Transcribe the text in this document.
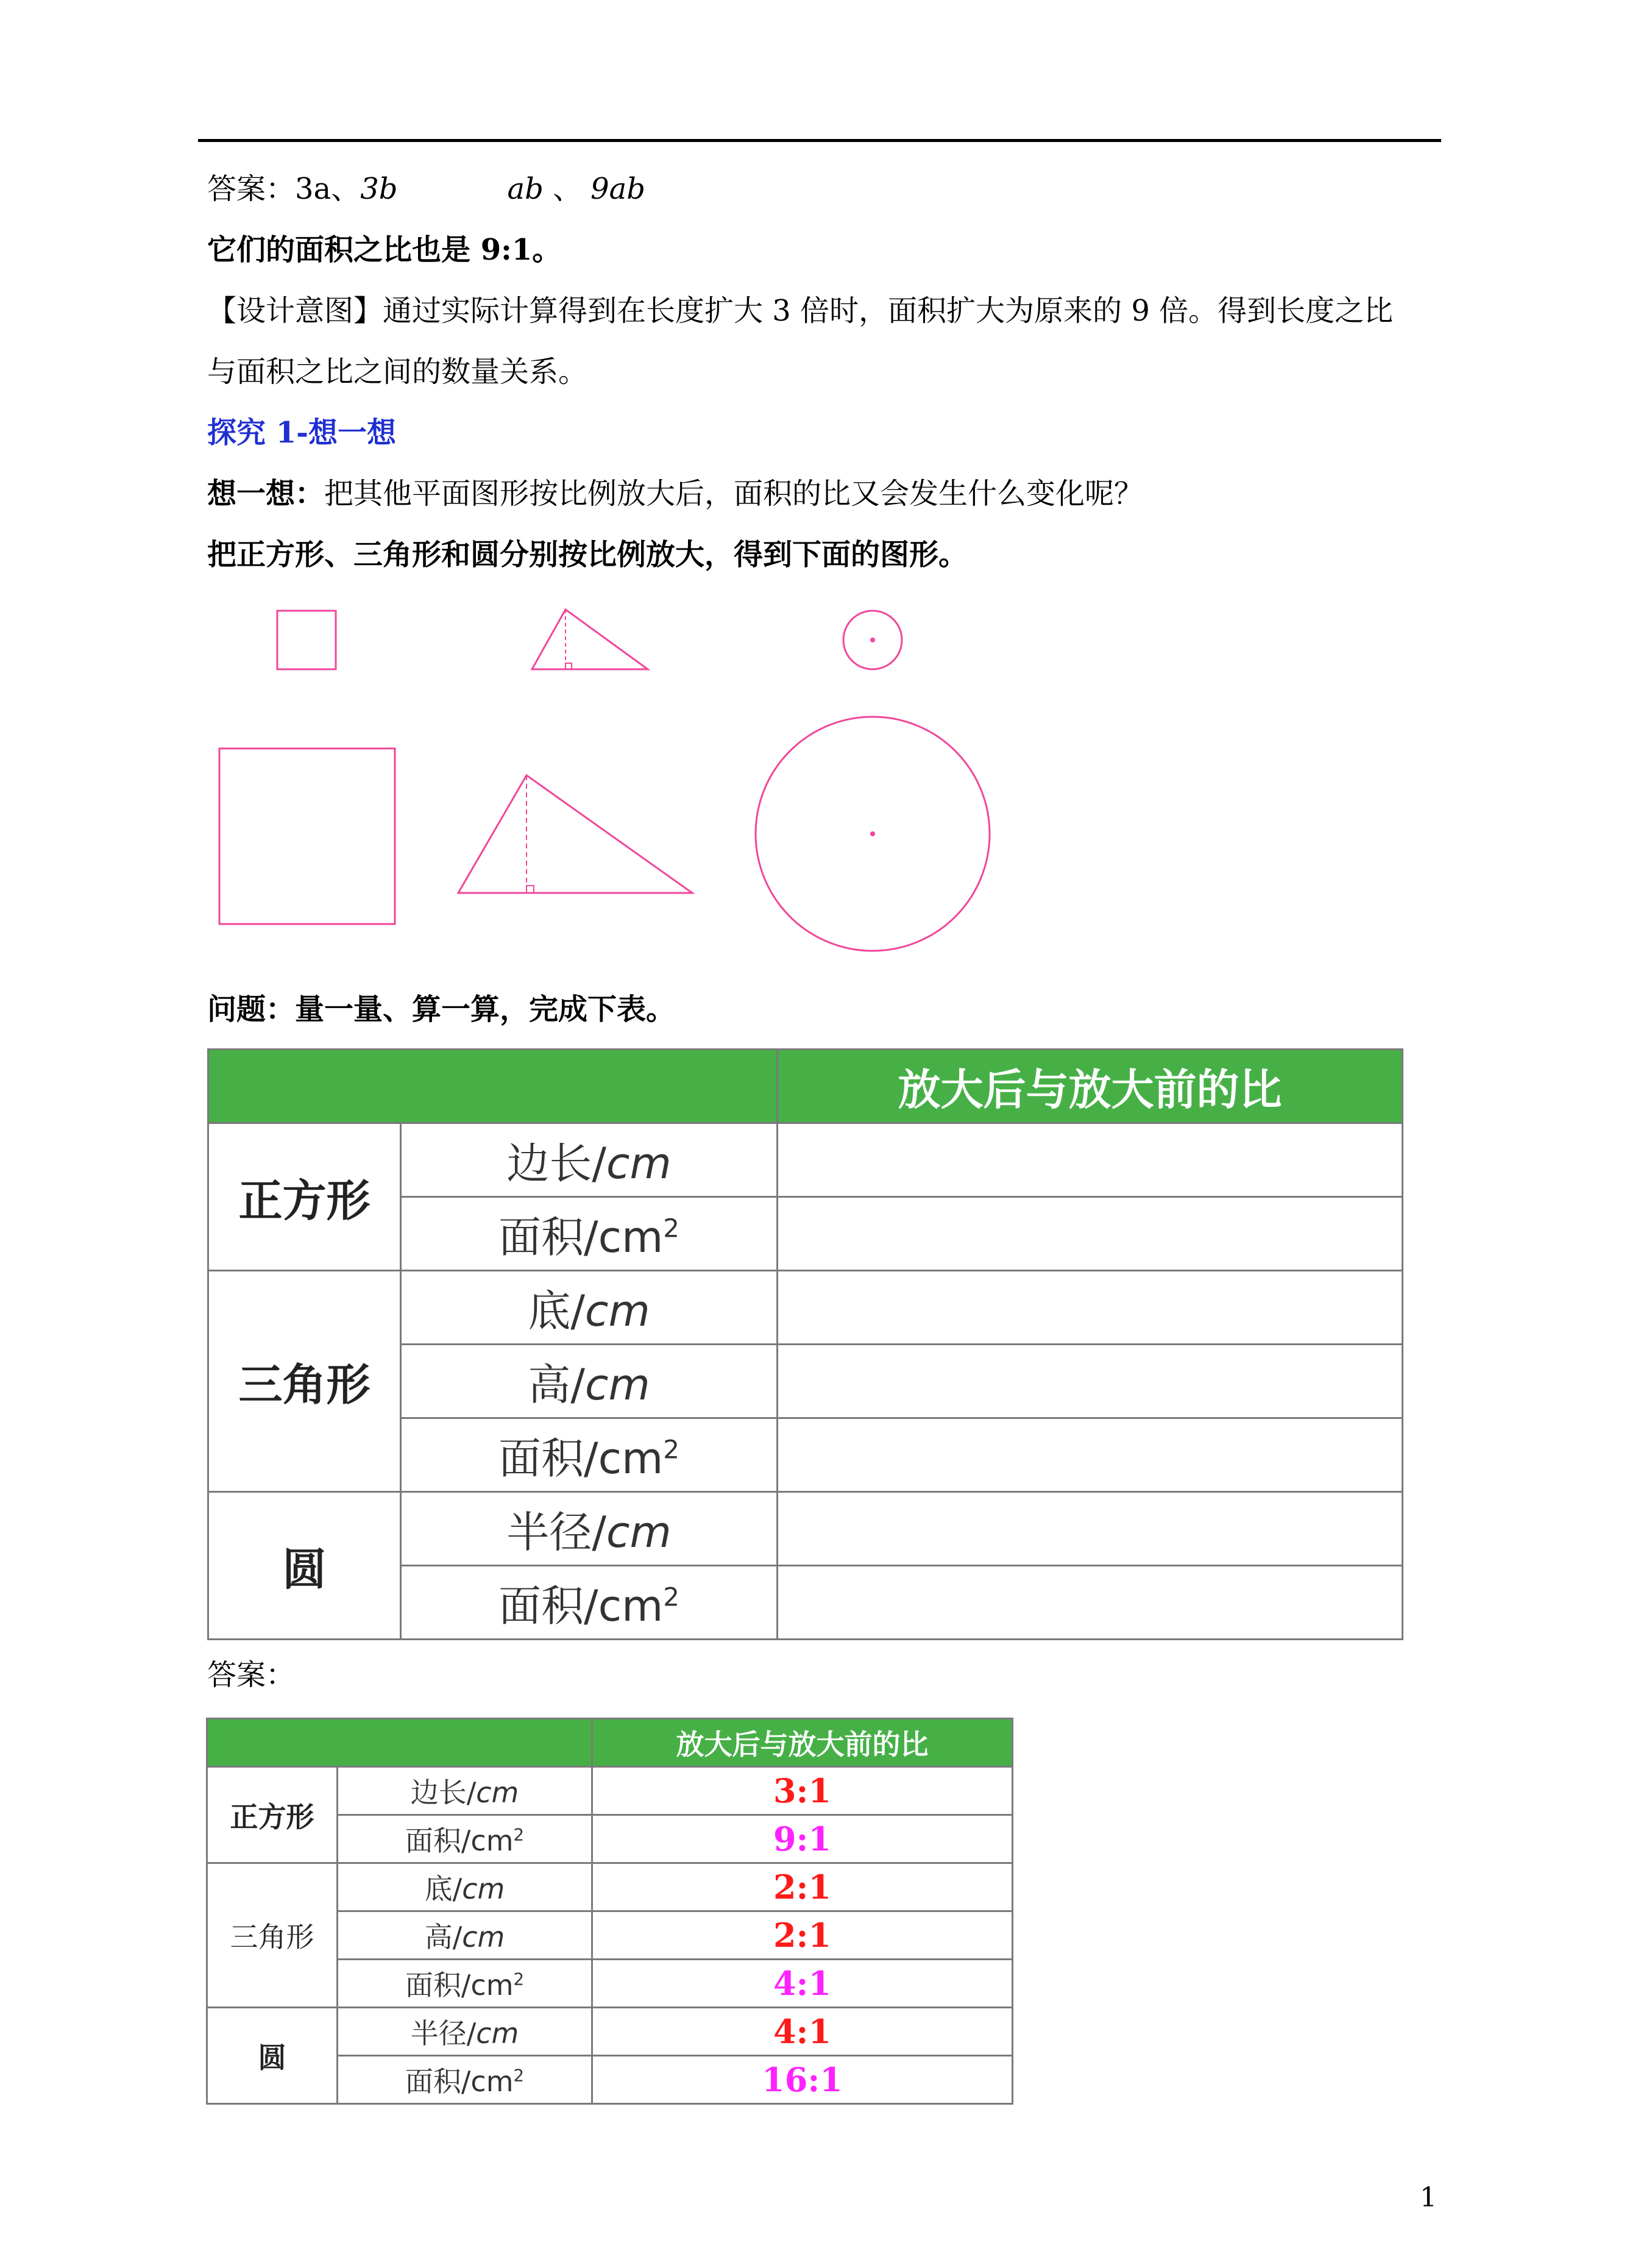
答案：3a、3b	ab 、 9ab
它们的面积之比也是 9:1。
【设计意图】通过实际计算得到在长度扩大 3 倍时，面积扩大为原来的 9 倍。得到长度之比
与面积之比之间的数量关系。
探究 1-想一想
想一想：把其他平面图形按比例放大后，面积的比又会发生什么变化呢？
把正方形、三角形和圆分别按比例放大，得到下面的图形。
问题：量一量、算一算，完成下表。
		放大后与放大前的比
正方形	边长/cm	
	面积$/cm^2$	
三角形	底/cm	
	高/cm	
	面积$/cm^2$	
圆	半径/cm	
	面积$/cm^2$	
答案：
		放大后与放大前的比
正方形	边长/cm	3:1
	面积$/cm^2$	9:1
三角形	底/cm	2:1
	高/cm	2:1
	面积$/cm^2$	4:1
圆	半径/cm	4:1
	面积$/cm^2$	16:1
1
